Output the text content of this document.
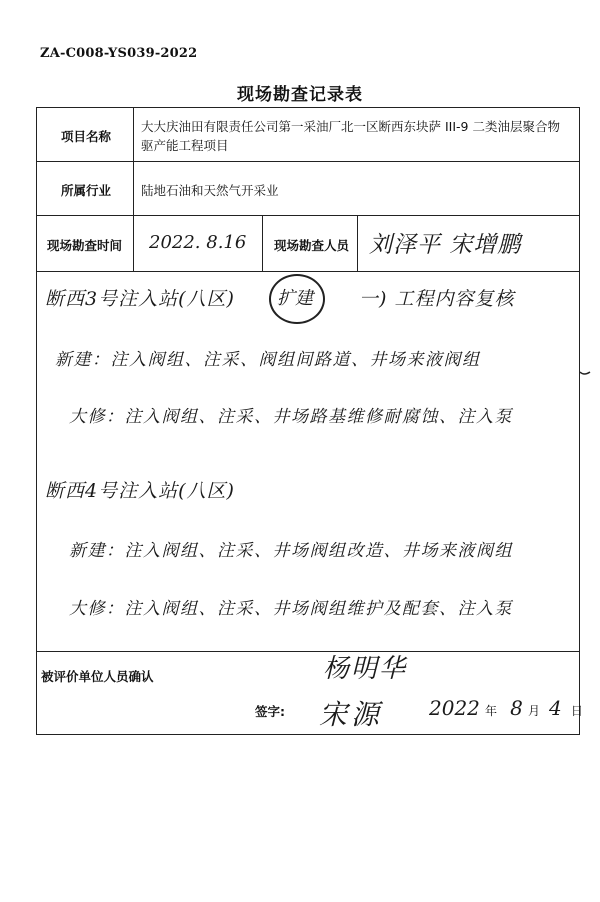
ZA-C008-YS039-2022
现场勘查记录表
项目名称
大大庆油田有限责任公司第一采油厂北一区断西东块萨 III-9 二类油层聚合物驱产能工程项目
所属行业 陆地石油和天然气开采业
现场勘查时间 2022. 8.16 现场勘查人员 刘泽平 宋增鹏
断西3号注入站(八区) 扩建 一) 工程内容复核
新建：注入阀组、注采、阀组间路道、井场来液阀组
大修：注入阀组、注采、井场路基维修耐腐蚀、注入泵
断西4号注入站(八区)
新建：注入阀组、注采、井场阀组改造、井场来液阀组
大修：注入阀组、注采、井场阀组维护及配套、注入泵
被评价单位人员确认	杨明华
签字: 宋源 2022 年 8 月 4 日
